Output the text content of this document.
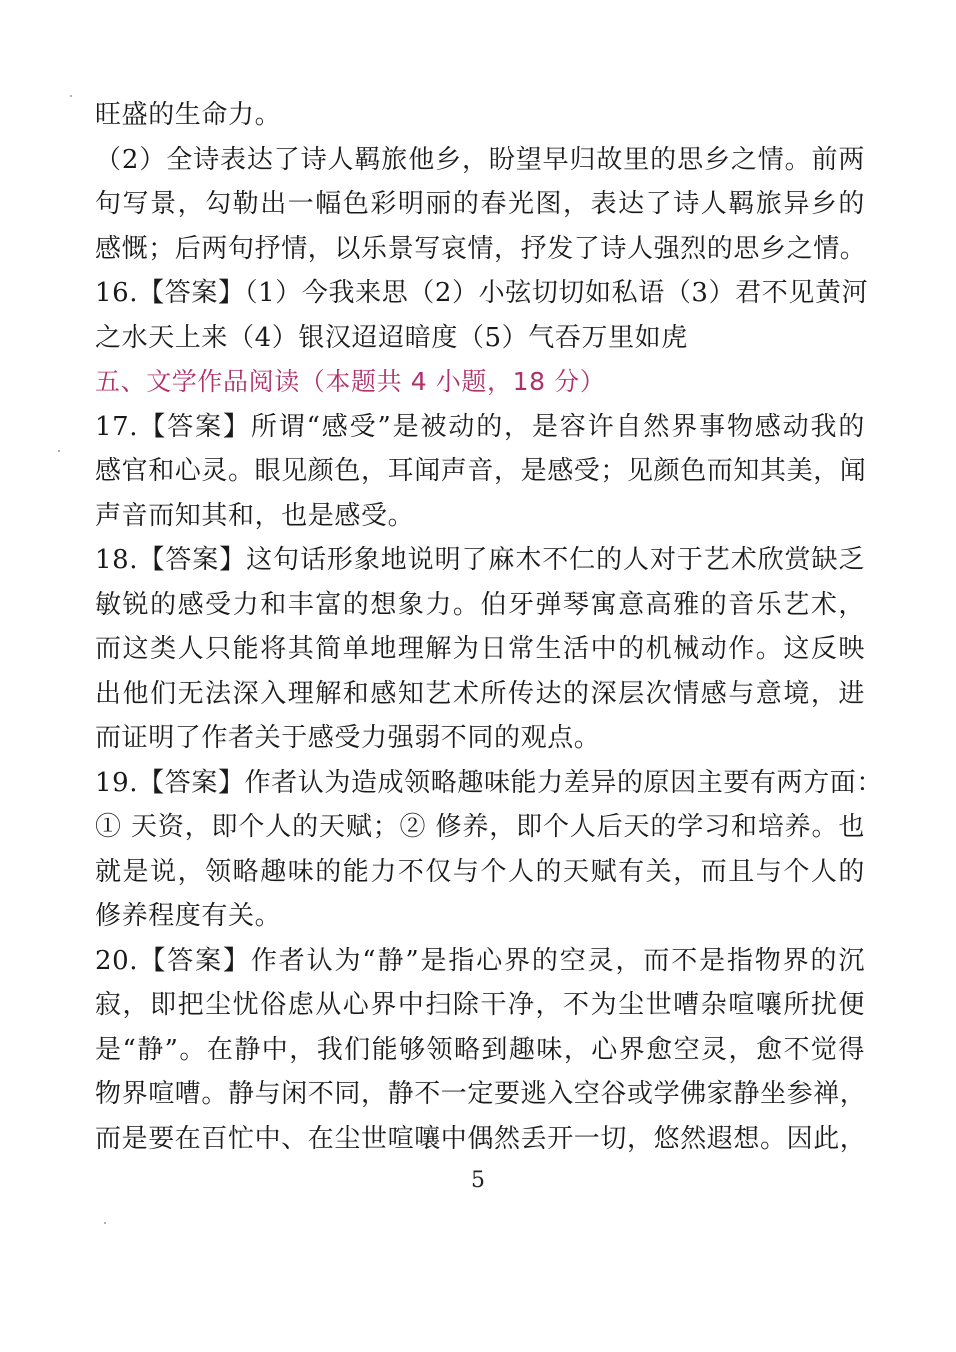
旺盛的生命力。
（2）全诗表达了诗人羁旅他乡，盼望早归故里的思乡之情。前两
句写景，勾勒出一幅色彩明丽的春光图，表达了诗人羁旅异乡的
感慨；后两句抒情，以乐景写哀情，抒发了诗人强烈的思乡之情。
16.【答案】（1）今我来思（2）小弦切切如私语（3）君不见黄河
之水天上来（4）银汉迢迢暗度（5）气吞万里如虎
五、文学作品阅读（本题共 4 小题，18 分）
17.【答案】所谓“感受”是被动的，是容许自然界事物感动我的
感官和心灵。眼见颜色，耳闻声音，是感受；见颜色而知其美，闻
声音而知其和，也是感受。
18.【答案】这句话形象地说明了麻木不仁的人对于艺术欣赏缺乏
敏锐的感受力和丰富的想象力。伯牙弹琴寓意高雅的音乐艺术，
而这类人只能将其简单地理解为日常生活中的机械动作。这反映
出他们无法深入理解和感知艺术所传达的深层次情感与意境，进
而证明了作者关于感受力强弱不同的观点。
19.【答案】作者认为造成领略趣味能力差异的原因主要有两方面：
① 天资，即个人的天赋；② 修养，即个人后天的学习和培养。也
就是说，领略趣味的能力不仅与个人的天赋有关，而且与个人的
修养程度有关。
20.【答案】作者认为“静”是指心界的空灵，而不是指物界的沉
寂，即把尘忧俗虑从心界中扫除干净，不为尘世嘈杂喧嚷所扰便
是“静”。在静中，我们能够领略到趣味，心界愈空灵，愈不觉得
物界喧嘈。静与闲不同，静不一定要逃入空谷或学佛家静坐参禅，
而是要在百忙中、在尘世喧嚷中偶然丢开一切，悠然遐想。因此，
5
